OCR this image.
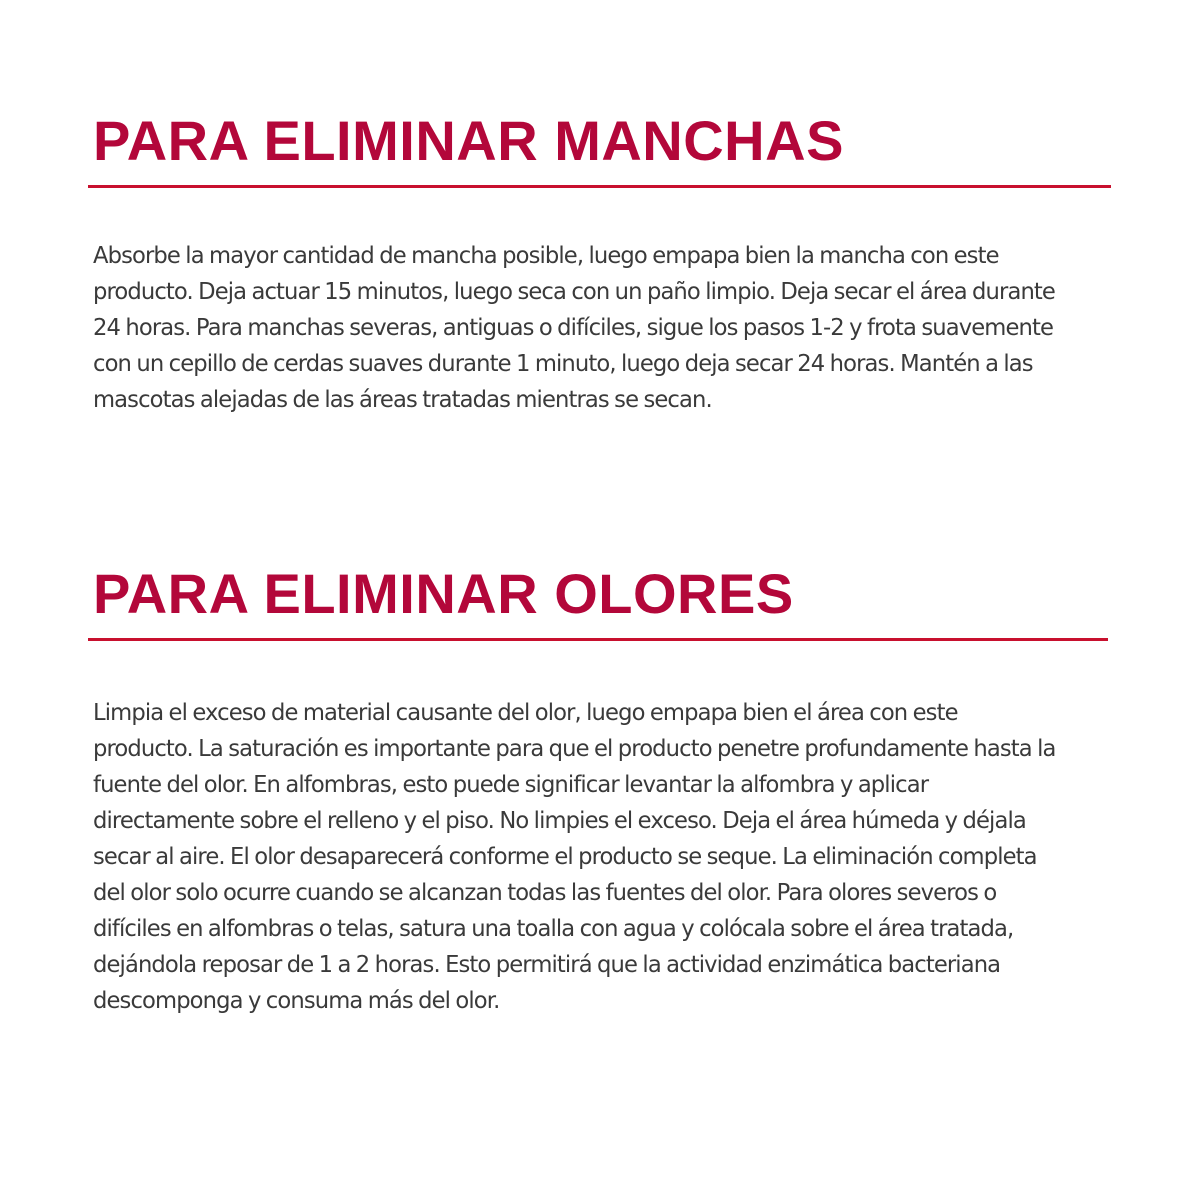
PARA ELIMINAR MANCHAS
Absorbe la mayor cantidad de mancha posible, luego empapa bien la mancha con este
producto. Deja actuar 15 minutos, luego seca con un paño limpio. Deja secar el área durante
24 horas. Para manchas severas, antiguas o difíciles, sigue los pasos 1-2 y frota suavemente
con un cepillo de cerdas suaves durante 1 minuto, luego deja secar 24 horas. Mantén a las
mascotas alejadas de las áreas tratadas mientras se secan.
PARA ELIMINAR OLORES
Limpia el exceso de material causante del olor, luego empapa bien el área con este
producto. La saturación es importante para que el producto penetre profundamente hasta la
fuente del olor. En alfombras, esto puede significar levantar la alfombra y aplicar
directamente sobre el relleno y el piso. No limpies el exceso. Deja el área húmeda y déjala
secar al aire. El olor desaparecerá conforme el producto se seque. La eliminación completa
del olor solo ocurre cuando se alcanzan todas las fuentes del olor. Para olores severos o
difíciles en alfombras o telas, satura una toalla con agua y colócala sobre el área tratada,
dejándola reposar de 1 a 2 horas. Esto permitirá que la actividad enzimática bacteriana
descomponga y consuma más del olor.
